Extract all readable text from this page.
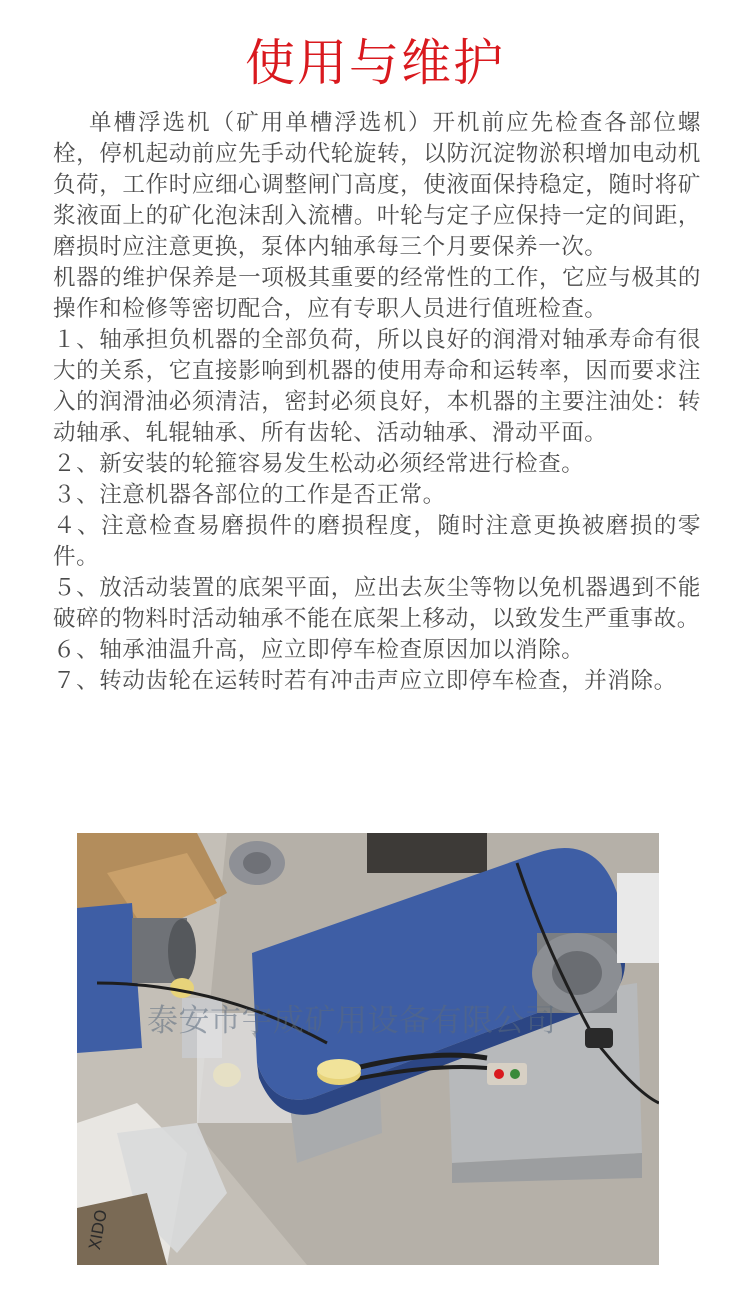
使用与维护

单槽浮选机（矿用单槽浮选机）开机前应先检查各部位螺栓，停机起动前应先手动代轮旋转，以防沉淀物淤积增加电动机负荷，工作时应细心调整闸门高度，使液面保持稳定，随时将矿浆液面上的矿化泡沫刮入流槽。叶轮与定子应保持一定的间距，磨损时应注意更换，泵体内轴承每三个月要保养一次。

机器的维护保养是一项极其重要的经常性的工作，它应与极其的操作和检修等密切配合，应有专职人员进行值班检查。

１、轴承担负机器的全部负荷，所以良好的润滑对轴承寿命有很大的关系，它直接影响到机器的使用寿命和运转率，因而要求注入的润滑油必须清洁，密封必须良好，本机器的主要注油处：转动轴承、轧辊轴承、所有齿轮、活动轴承、滑动平面。

２、新安装的轮箍容易发生松动必须经常进行检查。

３、注意机器各部位的工作是否正常。

４、注意检查易磨损件的磨损程度，随时注意更换被磨损的零件。

５、放活动装置的底架平面，应出去灰尘等物以免机器遇到不能破碎的物料时活动轴承不能在底架上移动，以致发生严重事故。

６、轴承油温升高，应立即停车检查原因加以消除。

７、转动齿轮在运转时若有冲击声应立即停车检查，并消除。

XIDO
泰安市宇成矿用设备有限公司
